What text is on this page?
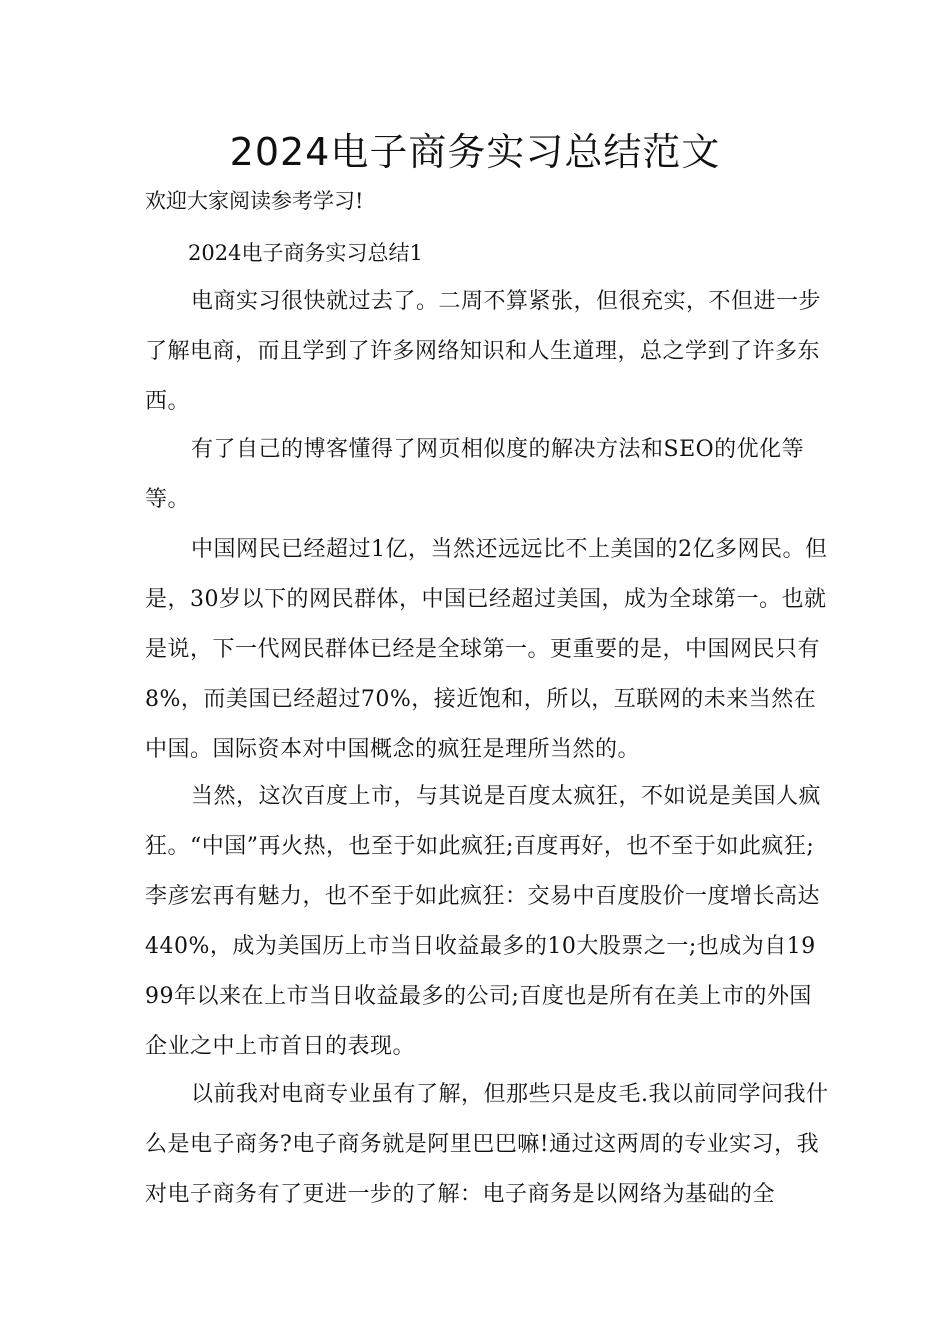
2024电子商务实习总结范文

欢迎大家阅读参考学习!

2024电子商务实习总结1

电商实习很快就过去了。二周不算紧张，但很充实，不但进一步了解电商，而且学到了许多网络知识和人生道理，总之学到了许多东西。

有了自己的博客懂得了网页相似度的解决方法和SEO的优化等等。

中国网民已经超过1亿，当然还远远比不上美国的2亿多网民。但是，30岁以下的网民群体，中国已经超过美国，成为全球第一。也就是说，下一代网民群体已经是全球第一。更重要的是，中国网民只有8%，而美国已经超过70%，接近饱和，所以，互联网的未来当然在中国。国际资本对中国概念的疯狂是理所当然的。

当然，这次百度上市，与其说是百度太疯狂，不如说是美国人疯狂。“中国”再火热，也至于如此疯狂;百度再好，也不至于如此疯狂;李彦宏再有魅力，也不至于如此疯狂：交易中百度股价一度增长高达440%，成为美国历上市当日收益最多的10大股票之一;也成为自1999年以来在上市当日收益最多的公司;百度也是所有在美上市的外国企业之中上市首日的表现。

以前我对电商专业虽有了解，但那些只是皮毛.我以前同学问我什么是电子商务?电子商务就是阿里巴巴嘛!通过这两周的专业实习，我对电子商务有了更进一步的了解：电子商务是以网络为基础的全
